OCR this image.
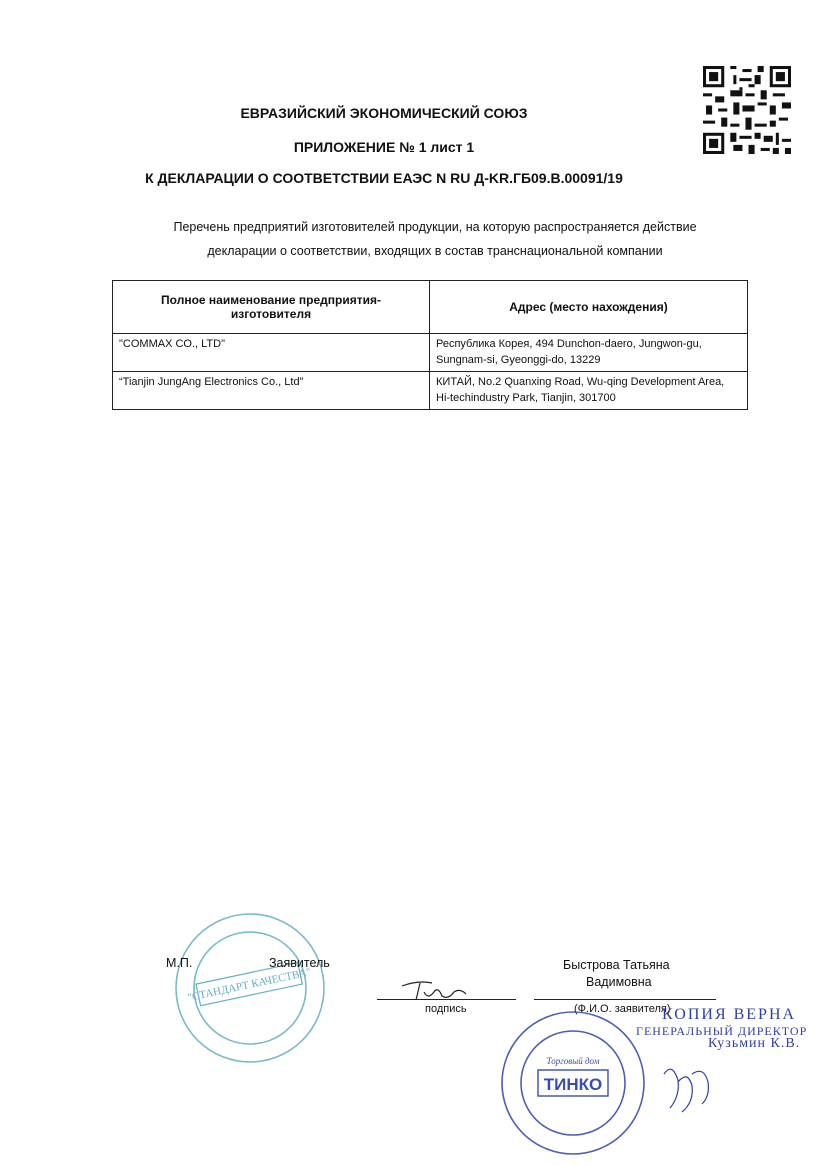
ЕВРАЗИЙСКИЙ ЭКОНОМИЧЕСКИЙ СОЮЗ
ПРИЛОЖЕНИЕ № 1 лист 1
К ДЕКЛАРАЦИИ О СООТВЕТСТВИИ ЕАЭС N RU Д-KR.ГБ09.В.00091/19
Перечень предприятий изготовителей продукции, на которую распространяется действие
декларации о соответствии, входящих в состав транснациональной компании
Полное наименование предприятия-изготовителя	Адрес (место нахождения)
"COMMAX CO., LTD"	Республика Корея, 494 Dunchon-daero, Jungwon-gu,
Sungnam-si, Gyeonggi-do, 13229

“Tianjin JungAng Electronics Co., Ltd”	КИТАЙ, No.2 Quanxing Road, Wu-qing Development Area,
Hi-techindustry Park, Tianjin, 301700
"СТАНДАРТ КАЧЕСТВА"
М.П.	Заявитель
подпись
Быстрова Татьяна
Вадимовна
(Ф.И.О. заявителя)
ТИНКО
Торговый дом
КОПИЯ ВЕРНА
ГЕНЕРАЛЬНЫЙ ДИРЕКТОР
Кузьмин К.В.
